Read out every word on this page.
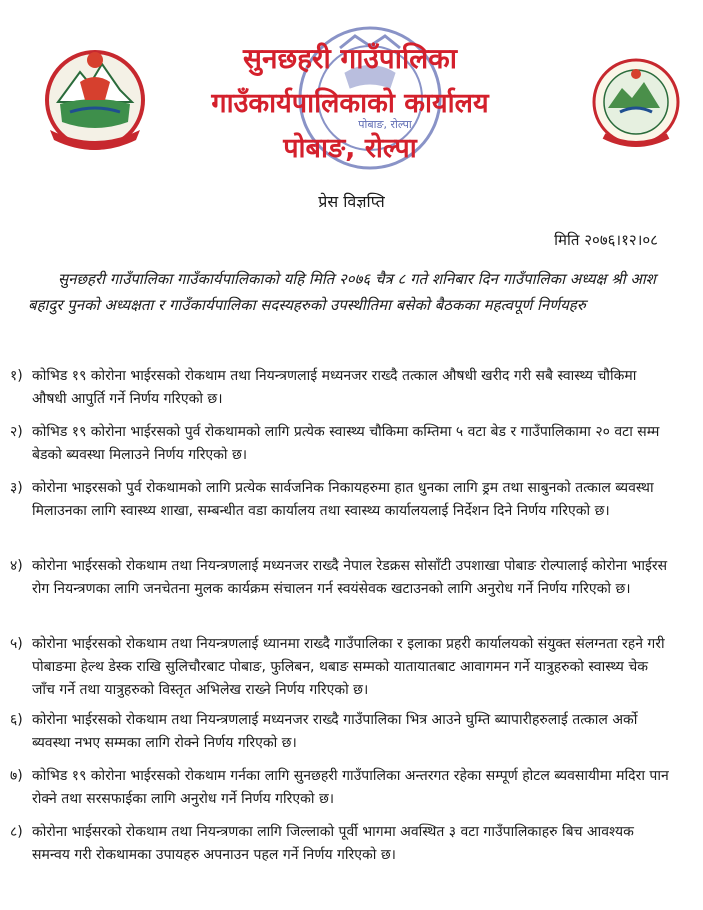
पोबाङ, रोल्पा
सुनछहरी गाउँपालिका
गाउँकार्यपालिकाको कार्यालय
पोबाङ, रोल्पा
प्रेस विज्ञप्ति
मिति २०७६।१२।०८
सुनछहरी गाउँपालिका गाउँकार्यपालिकाको यहि मिति २०७६ चैत्र ८ गते शनिबार दिन गाउँपालिका अध्यक्ष श्री आश बहादुर पुनको अध्यक्षता र गाउँकार्यपालिका सदस्यहरुको उपस्थीतिमा बसेको बैठकका महत्वपूर्ण निर्णयहरु
१) कोभिड १९ कोरोना भाईरसको रोकथाम तथा नियन्त्रणलाई मध्यनजर राख्दै तत्काल औषधी खरीद गरी सबै स्वास्थ्य चौकिमा औषधी आपुर्ति गर्ने निर्णय गरिएको छ।
२) कोभिड १९ कोरोना भाईरसको पुर्व रोकथामको लागि प्रत्येक स्वास्थ्य चौकिमा कम्तिमा ५ वटा बेड र गाउँपालिकामा २० वटा सम्म बेडको ब्यवस्था मिलाउने निर्णय गरिएको छ।
३) कोरोना भाइरसको पुर्व रोकथामको लागि प्रत्येक सार्वजनिक निकायहरुमा हात धुनका लागि ड्रम तथा साबुनको तत्काल ब्यवस्था मिलाउनका लागि स्वास्थ्य शाखा, सम्बन्धीत वडा कार्यालय तथा स्वास्थ्य कार्यालयलाई निर्देशन दिने निर्णय गरिएको छ।
४) कोरोना भाईरसको रोकथाम तथा नियन्त्रणलाई मध्यनजर राख्दै नेपाल रेडक्रस सोसाँटी उपशाखा पोबाङ रोल्पालाई कोरोना भाईरस रोग नियन्त्रणका लागि जनचेतना मुलक कार्यक्रम संचालन गर्न स्वयंसेवक खटाउनको लागि अनुरोध गर्ने निर्णय गरिएको छ।
५) कोरोना भाईरसको रोकथाम तथा नियन्त्रणलाई ध्यानमा राख्दै गाउँपालिका र इलाका प्रहरी कार्यालयको संयुक्त संलग्नता रहने गरी पोबाङमा हेल्थ डेस्क राखि सुलिचौरबाट पोबाङ, फुलिबन, थबाङ सम्मको यातायातबाट आवागमन गर्ने यात्रुहरुको स्वास्थ्य चेक जाँच गर्ने तथा यात्रुहरुको विस्तृत अभिलेख राख्ने निर्णय गरिएको छ।
६) कोरोना भाईरसको रोकथाम तथा नियन्त्रणलाई मध्यनजर राख्दै गाउँपालिका भित्र आउने घुम्ति ब्यापारीहरुलाई तत्काल अर्को ब्यवस्था नभए सम्मका लागि रोक्ने निर्णय गरिएको छ।
७) कोभिड १९ कोरोना भाईरसको रोकथाम गर्नका लागि सुनछहरी गाउँपालिका अन्तरगत रहेका सम्पूर्ण होटल ब्यवसायीमा मदिरा पान रोक्ने तथा सरसफाईका लागि अनुरोध गर्ने निर्णय गरिएको छ।
८) कोरोना भाईसरको रोकथाम तथा नियन्त्रणका लागि जिल्लाको पूर्वी भागमा अवस्थित ३ वटा गाउँपालिकाहरु बिच आवश्यक समन्वय गरी रोकथामका उपायहरु अपनाउन पहल गर्ने निर्णय गरिएको छ।
